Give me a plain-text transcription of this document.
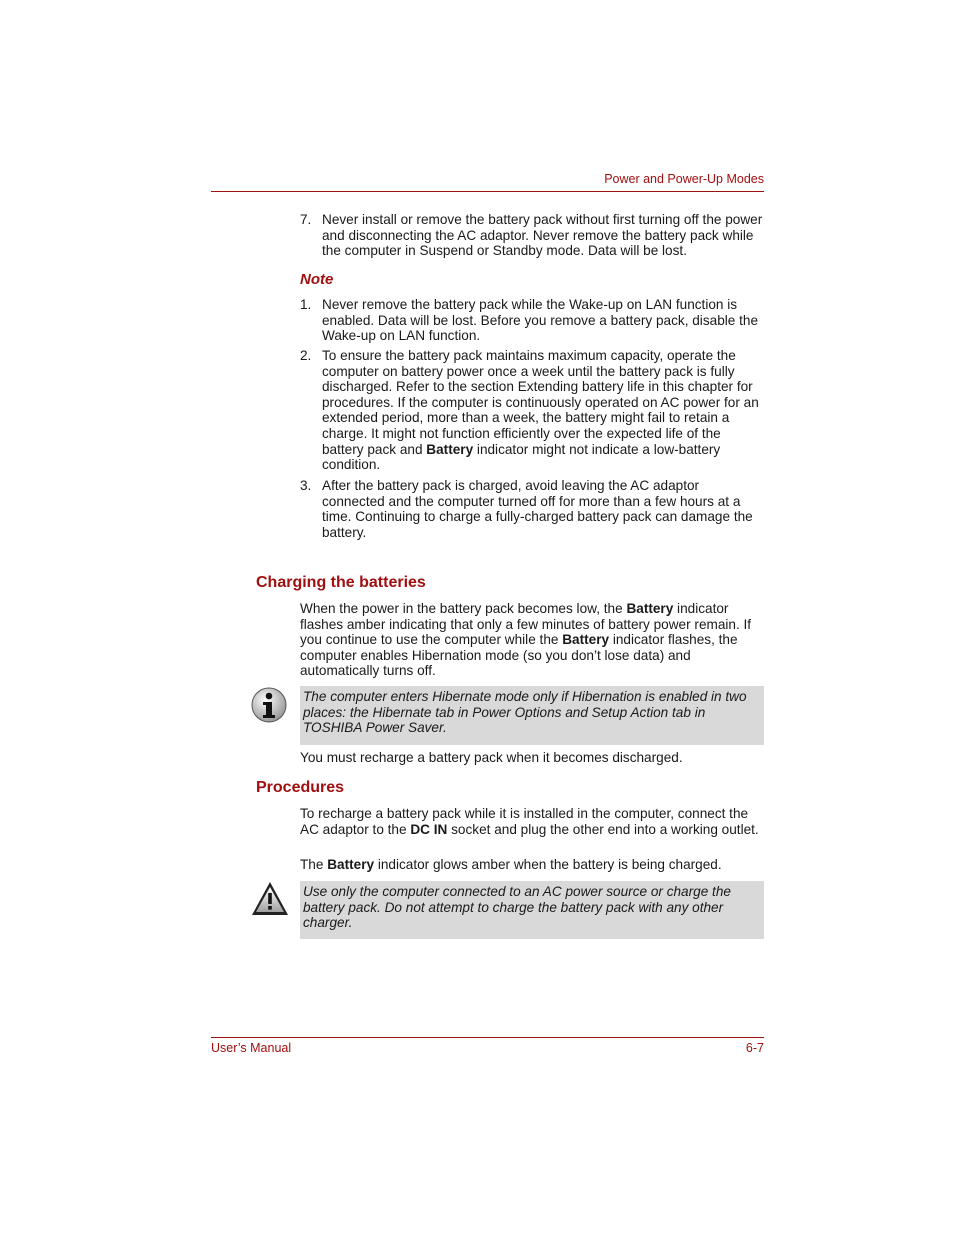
Power and Power-Up Modes
7. Never install or remove the battery pack without first turning off the power and disconnecting the AC adaptor. Never remove the battery pack while the computer in Suspend or Standby mode. Data will be lost.
Note
1. Never remove the battery pack while the Wake-up on LAN function is enabled. Data will be lost. Before you remove a battery pack, disable the Wake-up on LAN function.
2. To ensure the battery pack maintains maximum capacity, operate the computer on battery power once a week until the battery pack is fully discharged. Refer to the section Extending battery life in this chapter for procedures. If the computer is continuously operated on AC power for an extended period, more than a week, the battery might fail to retain a charge. It might not function efficiently over the expected life of the battery pack and Battery indicator might not indicate a low-battery condition.
3. After the battery pack is charged, avoid leaving the AC adaptor connected and the computer turned off for more than a few hours at a time. Continuing to charge a fully-charged battery pack can damage the battery.
Charging the batteries
When the power in the battery pack becomes low, the Battery indicator flashes amber indicating that only a few minutes of battery power remain. If you continue to use the computer while the Battery indicator flashes, the computer enables Hibernation mode (so you don’t lose data) and automatically turns off.
The computer enters Hibernate mode only if Hibernation is enabled in two places: the Hibernate tab in Power Options and Setup Action tab in TOSHIBA Power Saver.
You must recharge a battery pack when it becomes discharged.
Procedures
To recharge a battery pack while it is installed in the computer, connect the AC adaptor to the DC IN socket and plug the other end into a working outlet.
The Battery indicator glows amber when the battery is being charged.
Use only the computer connected to an AC power source or charge the battery pack. Do not attempt to charge the battery pack with any other charger.
User’s Manual	6-7
